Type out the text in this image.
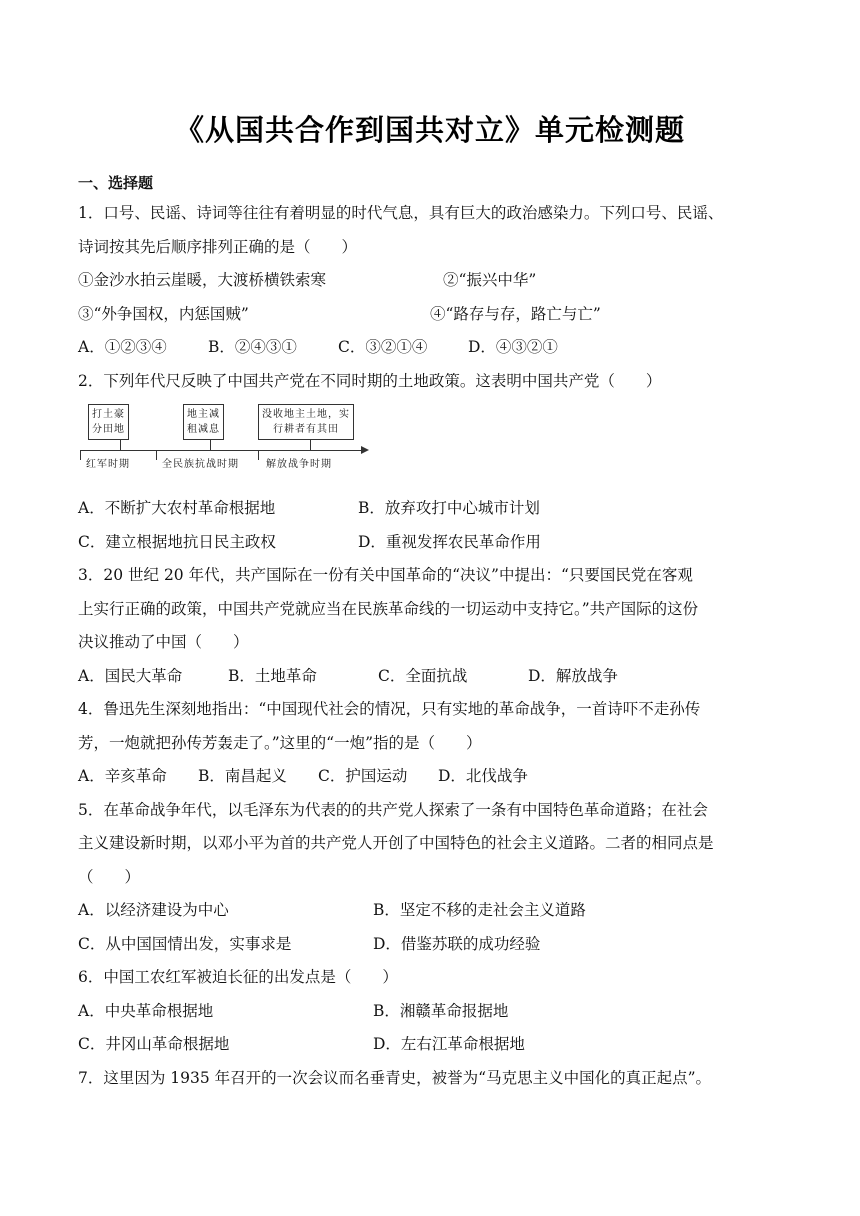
《从国共合作到国共对立》单元检测题
一、选择题

1．口号、民谣、诗词等往往有着明显的时代气息，具有巨大的政治感染力。下列口号、民谣、

诗词按其先后顺序排列正确的是（　　）

①金沙水拍云崖暖，大渡桥横铁索寒	②“振兴中华”
③“外争国权，内惩国贼”	④“路存与存，路亡与亡”
A．①②③④	B．②④③①	C．③②①④	D．④③②①

2．下列年代尺反映了中国共产党在不同时期的土地政策。这表明中国共产党（　　）

打土豪
分田地
地主减
租减息
没收地主土地，实
行耕者有其田
红军时期	全民族抗战时期	解放战争时期
A．不断扩大农村革命根据地	B．放弃攻打中心城市计划
C．建立根据地抗日民主政权	D．重视发挥农民革命作用

3．20 世纪 20 年代，共产国际在一份有关中国革命的“决议”中提出：“只要国民党在客观

上实行正确的政策，中国共产党就应当在民族革命线的一切运动中支持它。”共产国际的这份

决议推动了中国（　　）

A．国民大革命	B．土地革命	C．全面抗战	D．解放战争

4．鲁迅先生深刻地指出：“中国现代社会的情况，只有实地的革命战争，一首诗吓不走孙传

芳，一炮就把孙传芳轰走了。”这里的“一炮”指的是（　　）

A．辛亥革命	B．南昌起义	C．护国运动	D．北伐战争

5．在革命战争年代，以毛泽东为代表的的共产党人探索了一条有中国特色革命道路；在社会

主义建设新时期，以邓小平为首的共产党人开创了中国特色的社会主义道路。二者的相同点是

（　　）

A．以经济建设为中心	B．坚定不移的走社会主义道路
C．从中国国情出发，实事求是	D．借鉴苏联的成功经验

6．中国工农红军被迫长征的出发点是（　　）

A．中央革命根据地	B．湘赣革命报据地
C．井冈山革命根据地	D．左右江革命根据地

7．这里因为 1935 年召开的一次会议而名垂青史，被誉为“马克思主义中国化的真正起点”。
